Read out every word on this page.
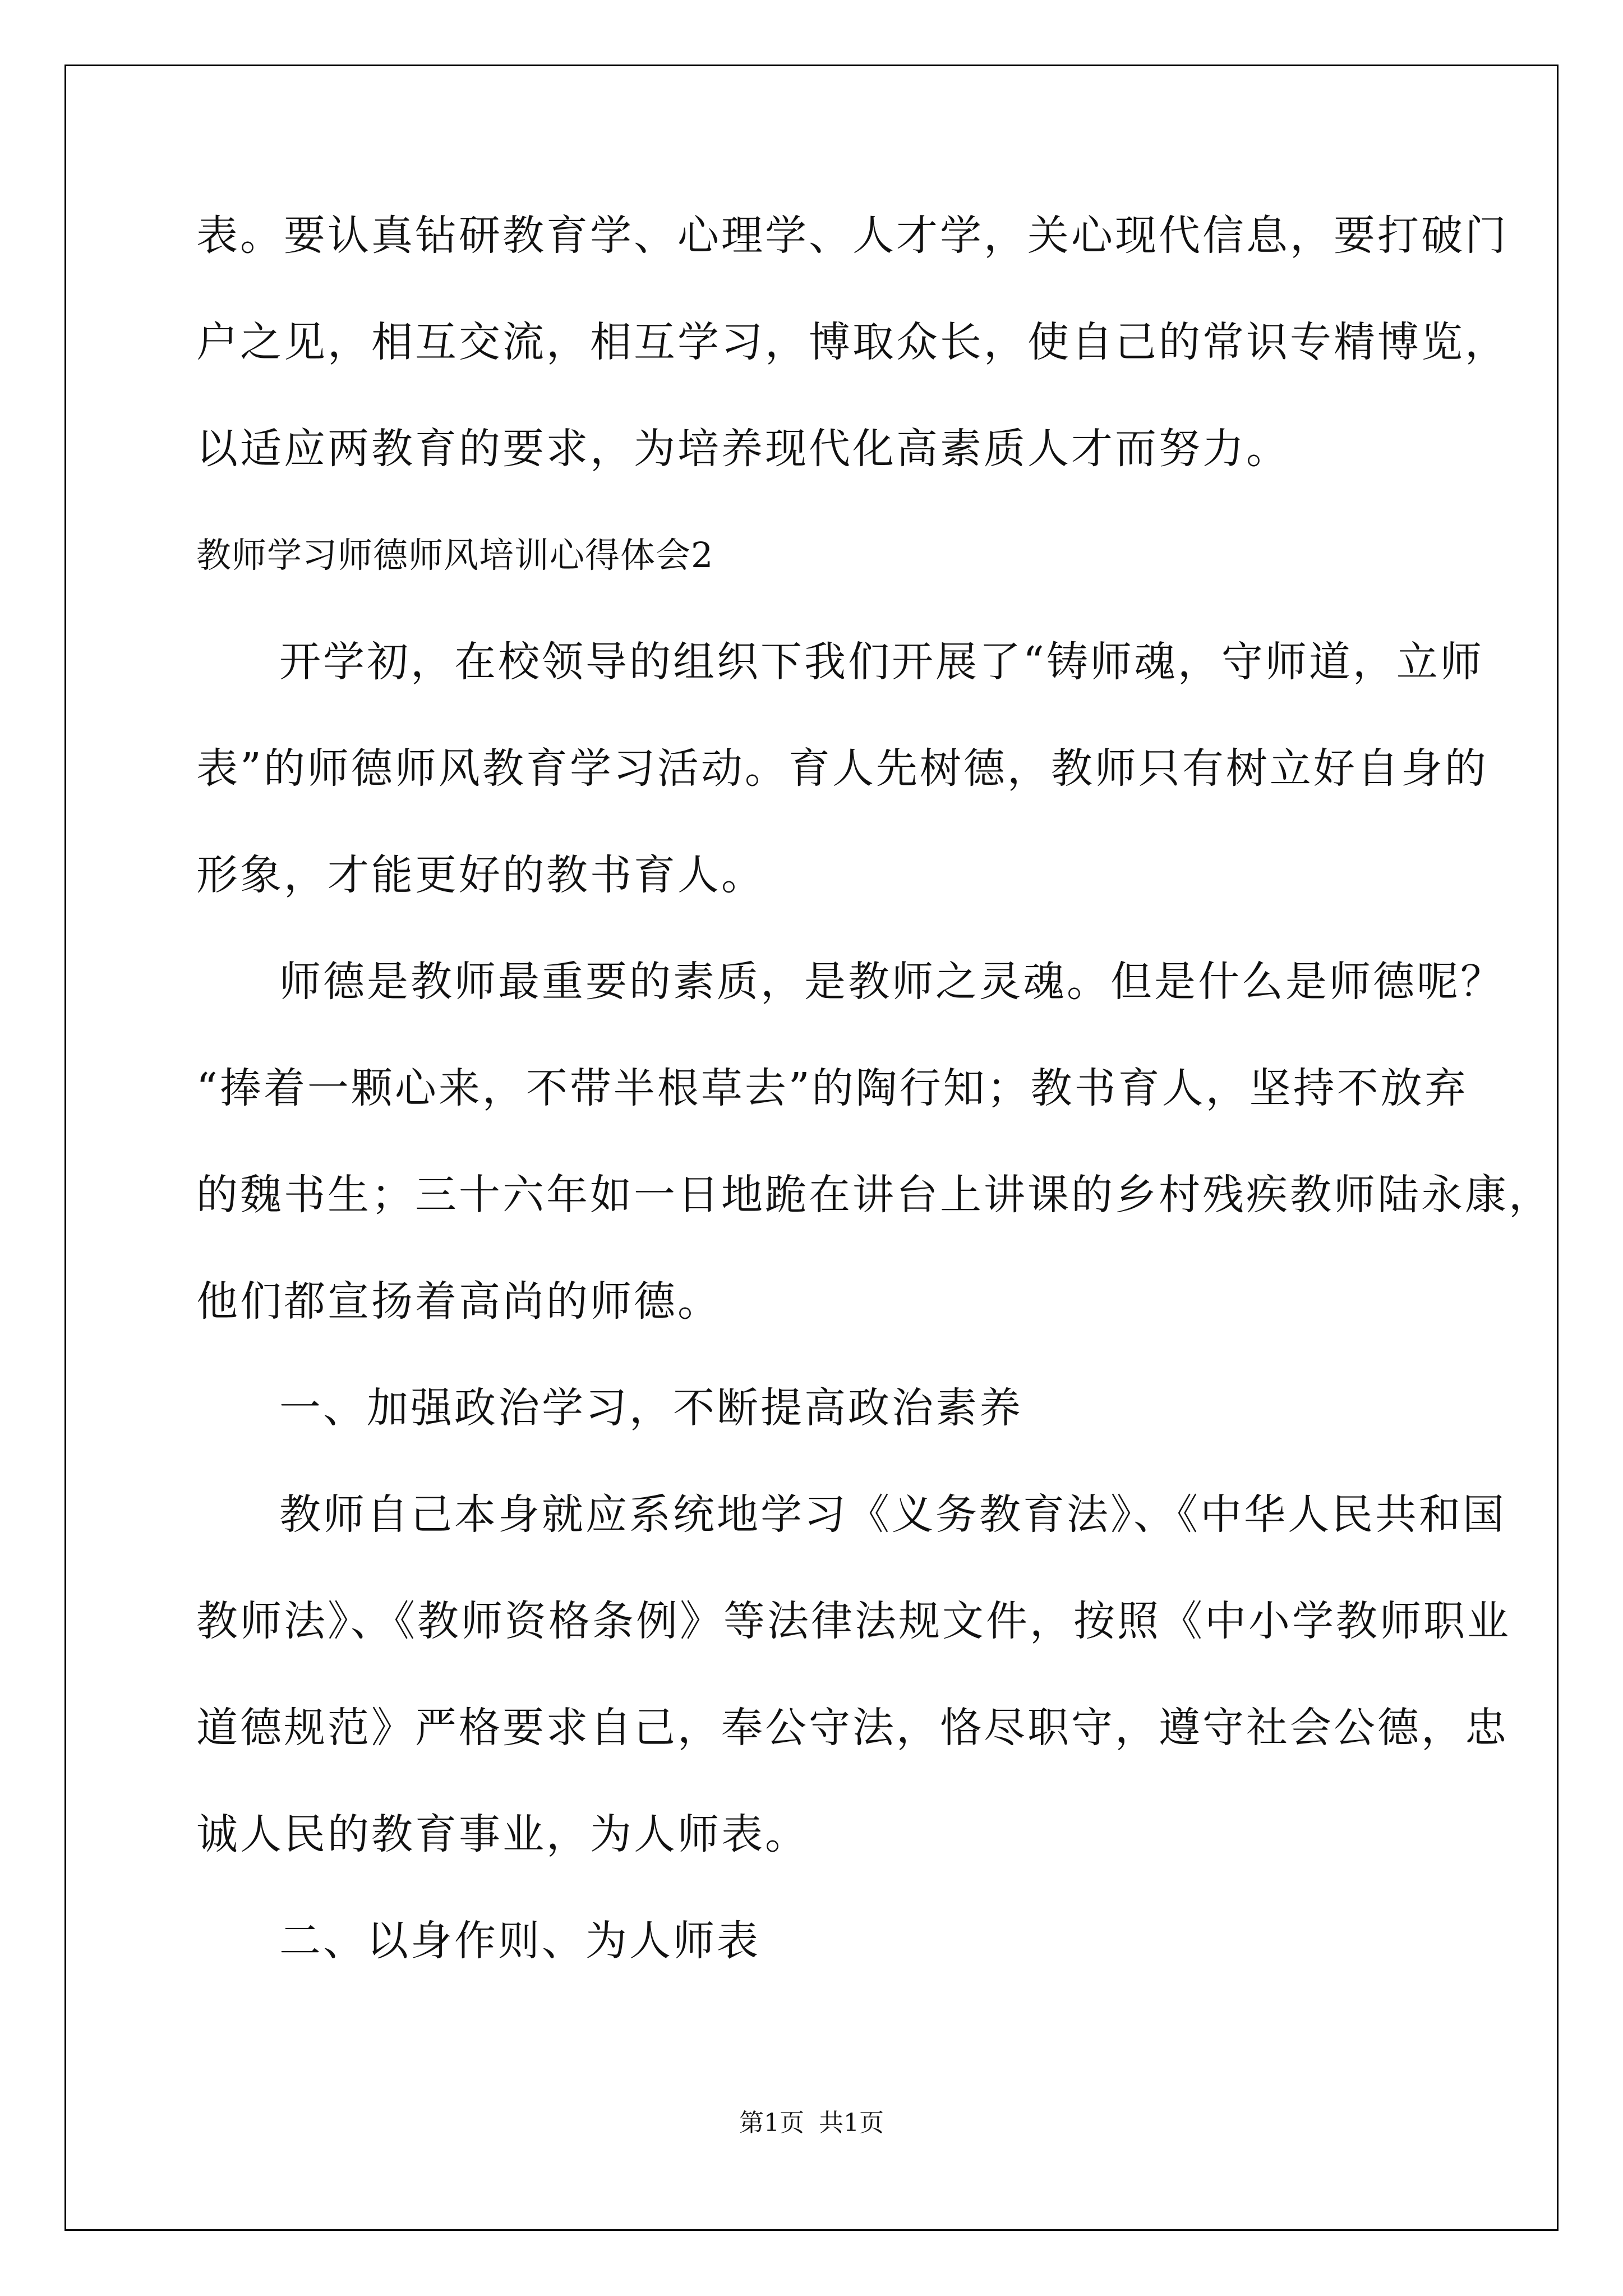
表。要认真钻研教育学、心理学、人才学，关心现代信息，要打破门
户之见，相互交流，相互学习，博取众长，使自己的常识专精博览，
以适应两教育的要求，为培养现代化高素质人才而努力。
教师学习师德师风培训心得体会2
开学初，在校领导的组织下我们开展了“铸师魂，守师道，立师
表”的师德师风教育学习活动。育人先树德，教师只有树立好自身的
形象，才能更好的教书育人。
师德是教师最重要的素质，是教师之灵魂。但是什么是师德呢？
“捧着一颗心来，不带半根草去”的陶行知；教书育人，坚持不放弃
的魏书生；三十六年如一日地跪在讲台上讲课的乡村残疾教师陆永康，
他们都宣扬着高尚的师德。
一、加强政治学习，不断提高政治素养
教师自己本身就应系统地学习《义务教育法》、《中华人民共和国
教师法》、《教师资格条例》等法律法规文件，按照《中小学教师职业
道德规范》严格要求自己，奉公守法，恪尽职守，遵守社会公德，忠
诚人民的教育事业，为人师表。
二、以身作则、为人师表
第1页 共1页
